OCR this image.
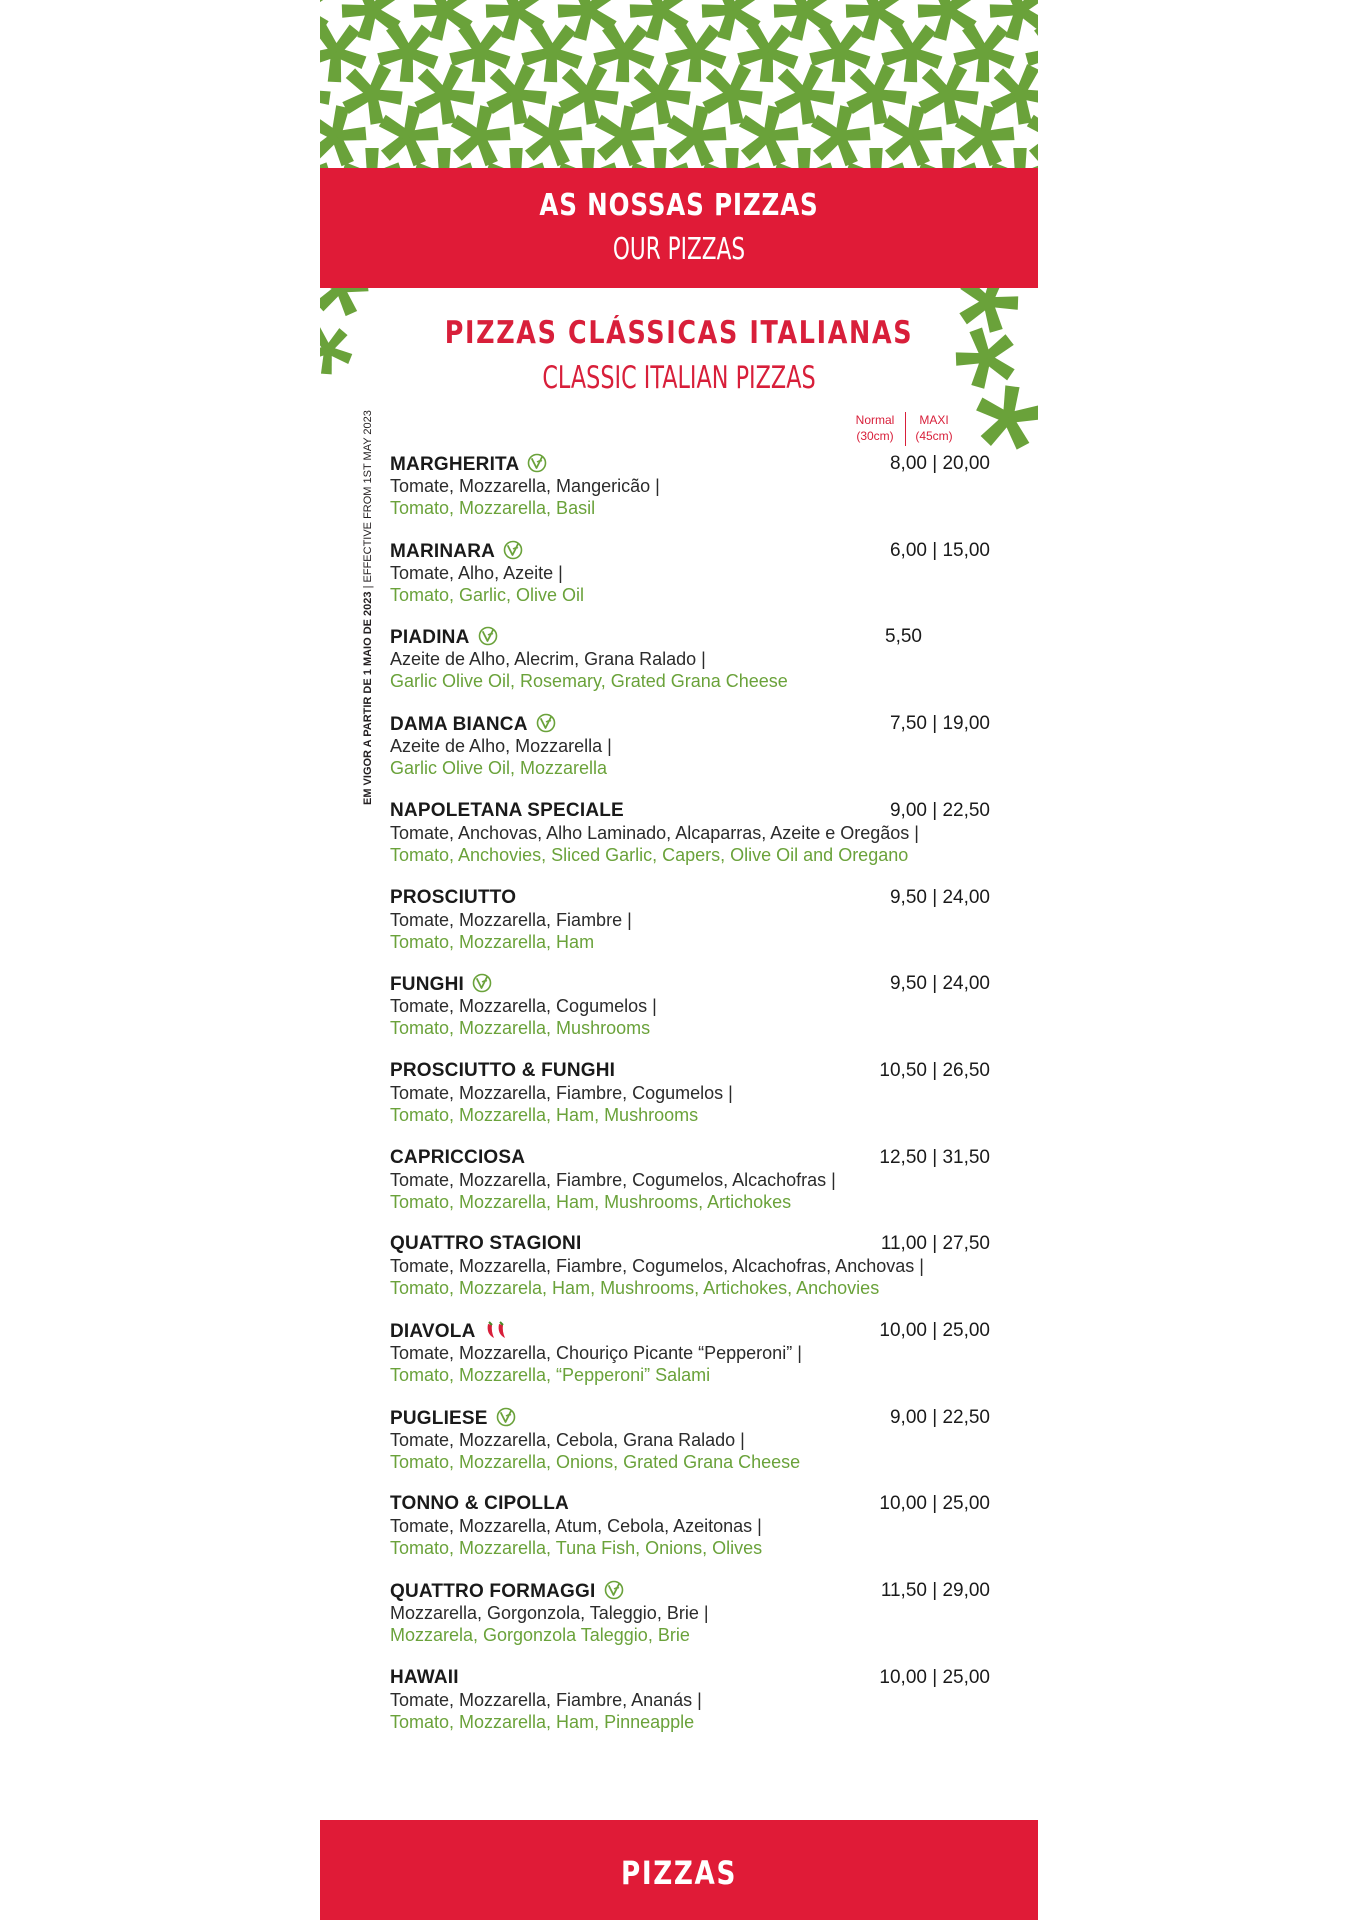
AS NOSSAS PIZZAS
OUR PIZZAS
PIZZAS CLÁSSICAS ITALIANAS
CLASSIC ITALIAN PIZZAS
Normal
(30cm)
MAXI
(45cm)
EM VIGOR A PARTIR DE 1 MAIO DE 2023 | EFFECTIVE FROM 1ST MAY 2023 MARGHERITA	8,00 | 20,00
Tomate, Mozzarella, Mangericão |
Tomato, Mozzarella, Basil
MARINARA	6,00 | 15,00
Tomate, Alho, Azeite |
Tomato, Garlic, Olive Oil
PIADINA	5,50
Azeite de Alho, Alecrim, Grana Ralado |
Garlic Olive Oil, Rosemary, Grated Grana Cheese
DAMA BIANCA	7,50 | 19,00
Azeite de Alho, Mozzarella |
Garlic Olive Oil, Mozzarella
NAPOLETANA SPECIALE	9,00 | 22,50
Tomate, Anchovas, Alho Laminado, Alcaparras, Azeite e Oregãos |
Tomato, Anchovies, Sliced Garlic, Capers, Olive Oil and Oregano
PROSCIUTTO	9,50 | 24,00
Tomate, Mozzarella, Fiambre |
Tomato, Mozzarella, Ham
FUNGHI	9,50 | 24,00
Tomate, Mozzarella, Cogumelos |
Tomato, Mozzarella, Mushrooms
PROSCIUTTO & FUNGHI	10,50 | 26,50
Tomate, Mozzarella, Fiambre, Cogumelos |
Tomato, Mozzarella, Ham, Mushrooms
CAPRICCIOSA	12,50 | 31,50
Tomate, Mozzarella, Fiambre, Cogumelos, Alcachofras |
Tomato, Mozzarella, Ham, Mushrooms, Artichokes
QUATTRO STAGIONI	11,00 | 27,50
Tomate, Mozzarella, Fiambre, Cogumelos, Alcachofras, Anchovas |
Tomato, Mozzarela, Ham, Mushrooms, Artichokes, Anchovies
DIAVOLA	10,00 | 25,00
Tomate, Mozzarella, Chouriço Picante “Pepperoni” |
Tomato, Mozzarella, “Pepperoni” Salami
PUGLIESE	9,00 | 22,50
Tomate, Mozzarella, Cebola, Grana Ralado |
Tomato, Mozzarella, Onions, Grated Grana Cheese
TONNO & CIPOLLA	10,00 | 25,00
Tomate, Mozzarella, Atum, Cebola, Azeitonas |
Tomato, Mozzarella, Tuna Fish, Onions, Olives
QUATTRO FORMAGGI	11,50 | 29,00
Mozzarella, Gorgonzola, Taleggio, Brie |
Mozzarela, Gorgonzola Taleggio, Brie
HAWAII	10,00 | 25,00
Tomate, Mozzarella, Fiambre, Ananás |
Tomato, Mozzarella, Ham, Pinneapple
PIZZAS
